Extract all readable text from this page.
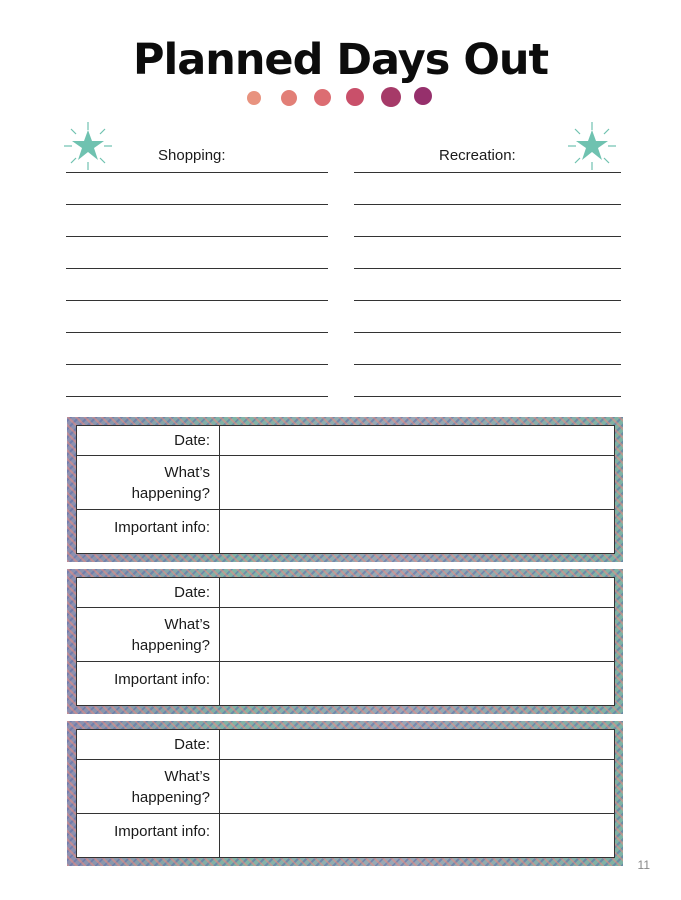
Planned Days Out
Shopping:	Recreation:
Date:
What’s
happening?
Important info:
Date:
What’s
happening?
Important info:
Date:
What’s
happening?
Important info:
11
